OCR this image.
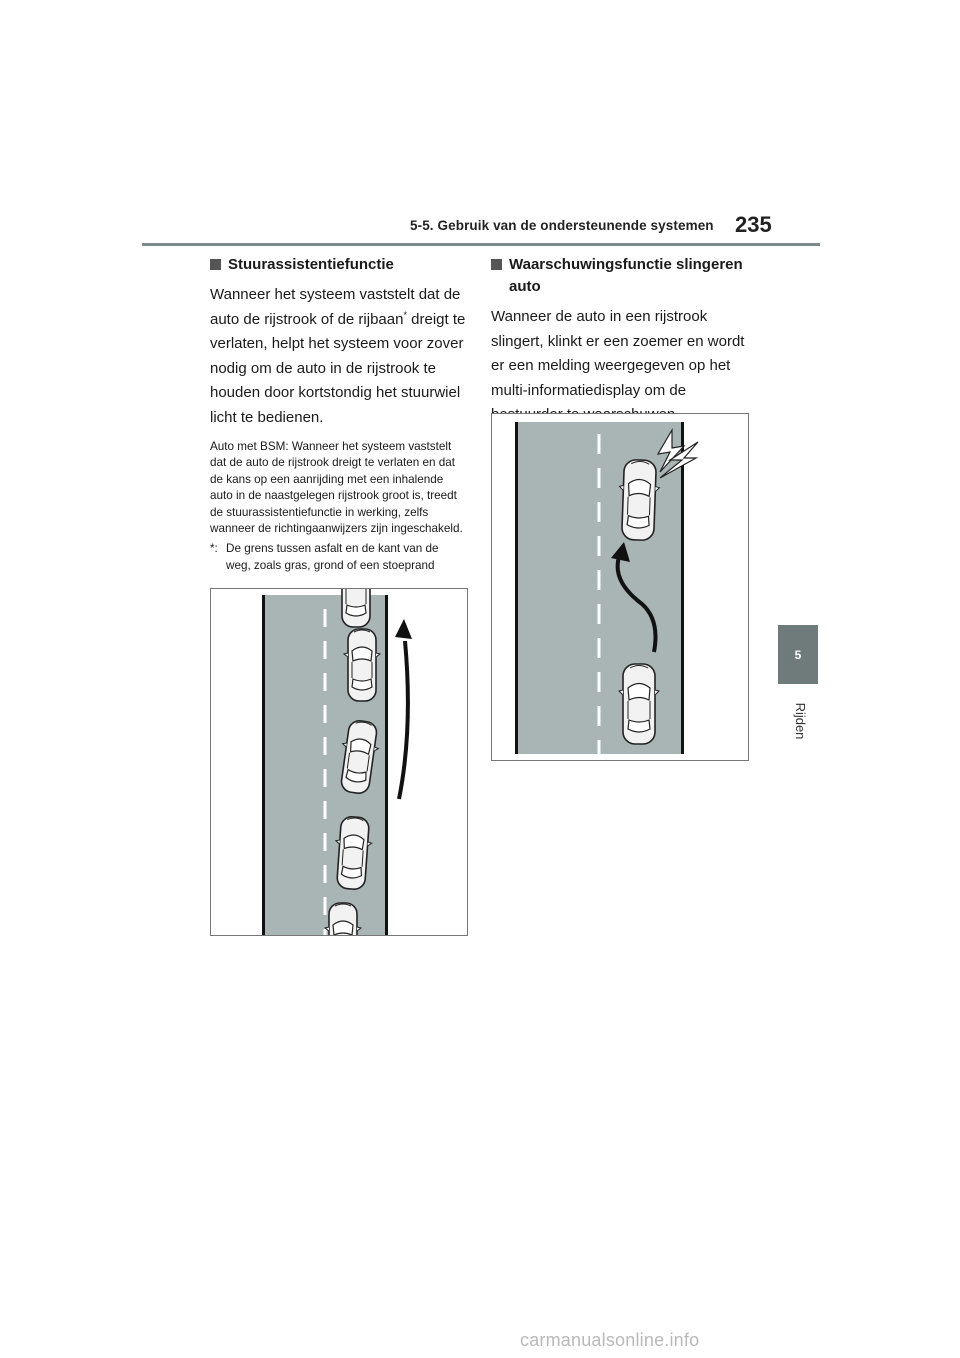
5-5. Gebruik van de ondersteunende systemen 235
5
Rijden
Stuurassistentiefunctie
Wanneer het systeem vaststelt dat de auto de rijstrook of de rijbaan* dreigt te verlaten, helpt het systeem voor zover nodig om de auto in de rijstrook te houden door kortstondig het stuurwiel licht te bedienen.
Auto met BSM: Wanneer het systeem vaststelt dat de auto de rijstrook dreigt te verlaten en dat de kans op een aanrijding met een inhalende auto in de naastgelegen rijstrook groot is, treedt de stuurassistentiefunctie in werking, zelfs wanneer de richtingaanwijzers zijn ingeschakeld.
*: De grens tussen asfalt en de kant van de weg, zoals gras, grond of een stoeprand
Waarschuwingsfunctie slingeren auto
Wanneer de auto in een rijstrook slingert, klinkt er een zoemer en wordt er een melding weergegeven op het multi-informatiedisplay om de
carmanualsonline.info
